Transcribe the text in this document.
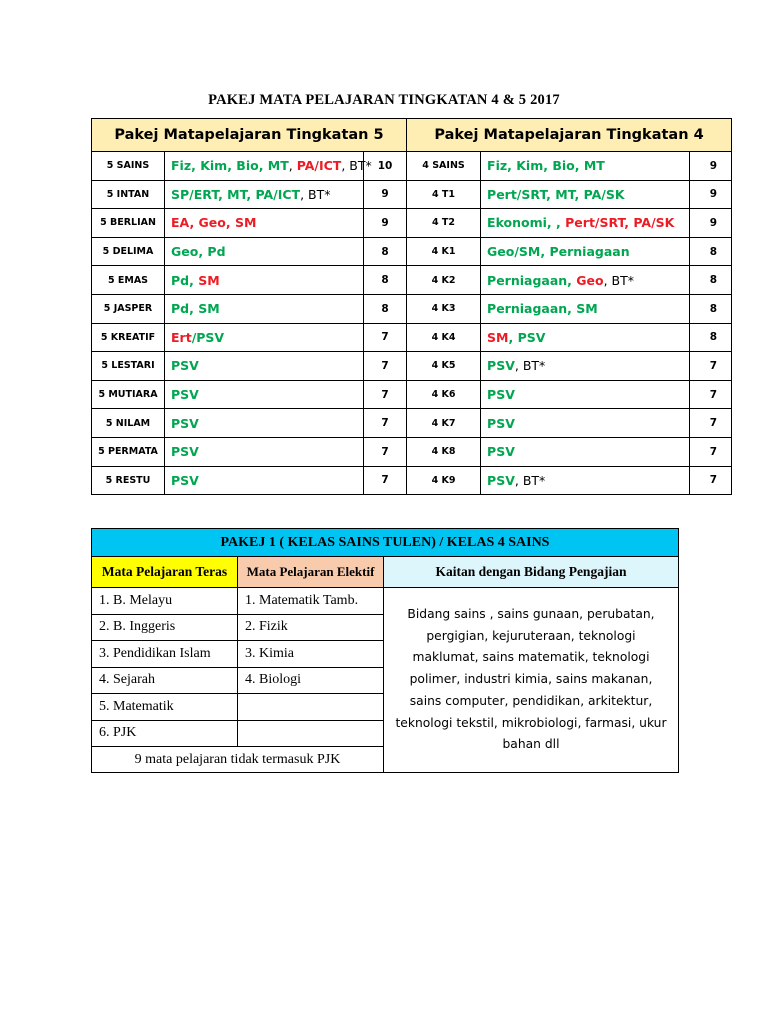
PAKEJ MATA PELAJARAN TINGKATAN 4 & 5 2017
Pakej Matapelajaran Tingkatan 5			Pakej Matapelajaran Tingkatan 4		
5 SAINS	Fiz, Kim, Bio, MT, PA/ICT, BT*	10	4 SAINS	Fiz, Kim, Bio, MT	9
5 INTAN	SP/ERT, MT, PA/ICT, BT*	9	4 T1	Pert/SRT, MT, PA/SK	9
5 BERLIAN	EA, Geo, SM	9	4 T2	Ekonomi, , Pert/SRT, PA/SK	9
5 DELIMA	Geo, Pd	8	4 K1	Geo/SM, Perniagaan	8
5 EMAS	Pd, SM	8	4 K2	Perniagaan, Geo, BT*	8
5 JASPER	Pd, SM	8	4 K3	Perniagaan, SM	8
5 KREATIF	Ert/PSV	7	4 K4	SM, PSV	8
5 LESTARI	PSV	7	4 K5	PSV, BT*	7
5 MUTIARA	PSV	7	4 K6	PSV	7
5 NILAM	PSV	7	4 K7	PSV	7
5 PERMATA	PSV	7	4 K8	PSV	7
5 RESTU	PSV	7	4 K9	PSV, BT*	7
PAKEJ 1 ( KELAS SAINS TULEN) / KELAS 4 SAINS		
Mata Pelajaran Teras	Mata Pelajaran Elektif	Kaitan dengan Bidang Pengajian
1. B. Melayu	1. Matematik Tamb.	Bidang sains , sains gunaan, perubatan, pergigian, kejuruteraan, teknologi maklumat, sains matematik, teknologi polimer, industri kimia, sains makanan, sains computer, pendidikan, arkitektur, teknologi tekstil, mikrobiologi, farmasi, ukur bahan dll
2. B. Inggeris	2. Fizik	
3. Pendidikan Islam	3. Kimia	
4. Sejarah	4. Biologi	
5. Matematik		
6. PJK		
9 mata pelajaran tidak termasuk PJK		
